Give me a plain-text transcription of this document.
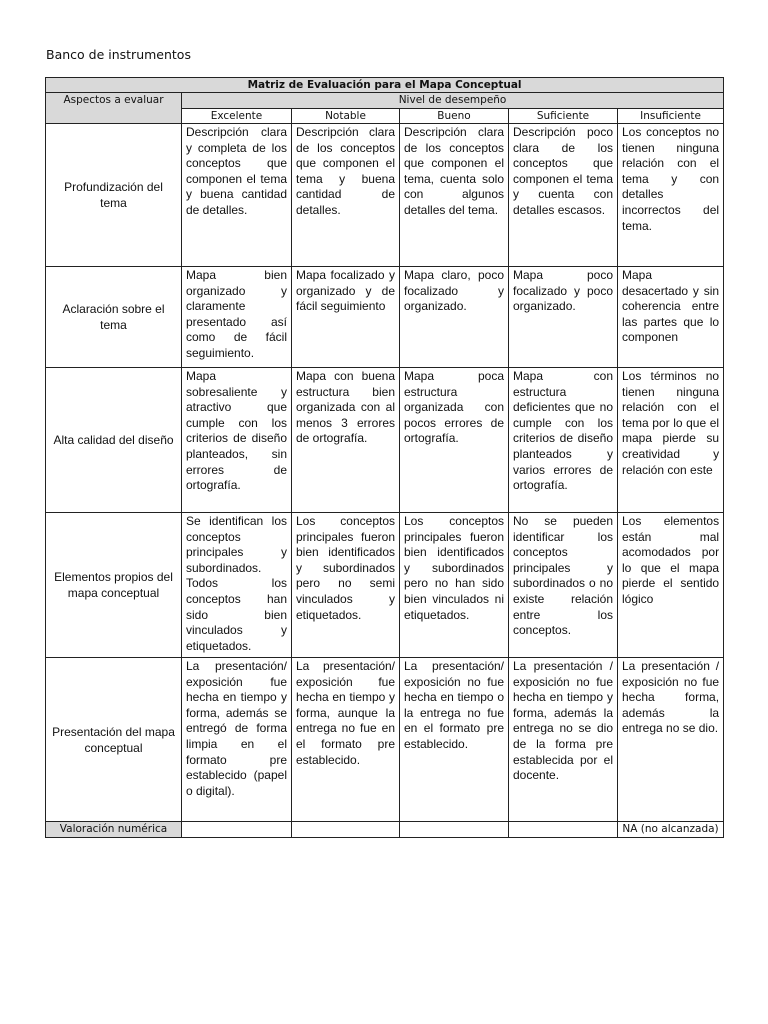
Banco de instrumentos
Matriz de Evaluación para el Mapa Conceptual					
Aspectos a evaluar	Nivel de desempeño				
	Excelente	Notable	Bueno	Suficiente	Insuficiente
Profundización del tema	Descripción clara y completa de los conceptos que componen el tema y buena cantidad de detalles.	Descripción clara de los conceptos que componen el tema y buena cantidad de detalles.	Descripción clara de los conceptos que componen el tema, cuenta solo con algunos detalles del tema.	Descripción poco clara de los conceptos que componen el tema y cuenta con detalles escasos.	Los conceptos no tienen ninguna relación con el tema y con detalles incorrectos del tema.
Aclaración sobre el tema	Mapa bien organizado y claramente presentado así como de fácil seguimiento.	Mapa focalizado y organizado y de fácil seguimiento	Mapa claro, poco focalizado y organizado.	Mapa poco focalizado y poco organizado.	Mapa desacertado y sin coherencia entre las partes que lo componen
Alta calidad del diseño	Mapa sobresaliente y atractivo que cumple con los criterios de diseño planteados, sin errores de ortografía.	Mapa con buena estructura bien organizada con al menos 3 errores de ortografía.	Mapa poca estructura organizada con pocos errores de ortografía.	Mapa con estructura deficientes que no cumple con los criterios de diseño planteados y varios errores de ortografía.	Los términos no tienen ninguna relación con el tema por lo que el mapa pierde su creatividad y relación con este
Elementos propios del mapa conceptual	Se identifican los conceptos principales y subordinados. Todos los conceptos han sido bien vinculados y etiquetados.	Los conceptos principales fueron bien identificados y subordinados pero no semi vinculados y etiquetados.	Los conceptos principales fueron bien identificados y subordinados pero no han sido bien vinculados ni etiquetados.	No se pueden identificar los conceptos principales y subordinados o no existe relación entre los conceptos.	Los elementos están mal acomodados por lo que el mapa pierde el sentido lógico
Presentación del mapa conceptual	La presentación/ exposición fue hecha en tiempo y forma, además se entregó de forma limpia en el formato pre establecido (papel o digital).	La presentación/ exposición fue hecha en tiempo y forma, aunque la entrega no fue en el formato pre establecido.	La presentación/ exposición no fue hecha en tiempo o la entrega no fue en el formato pre establecido.	La presentación / exposición no fue hecha en tiempo y forma, además la entrega no se dio de la forma pre establecida por el docente.	La presentación / exposición no fue hecha forma, además la entrega no se dio.
Valoración numérica					NA (no alcanzada)
